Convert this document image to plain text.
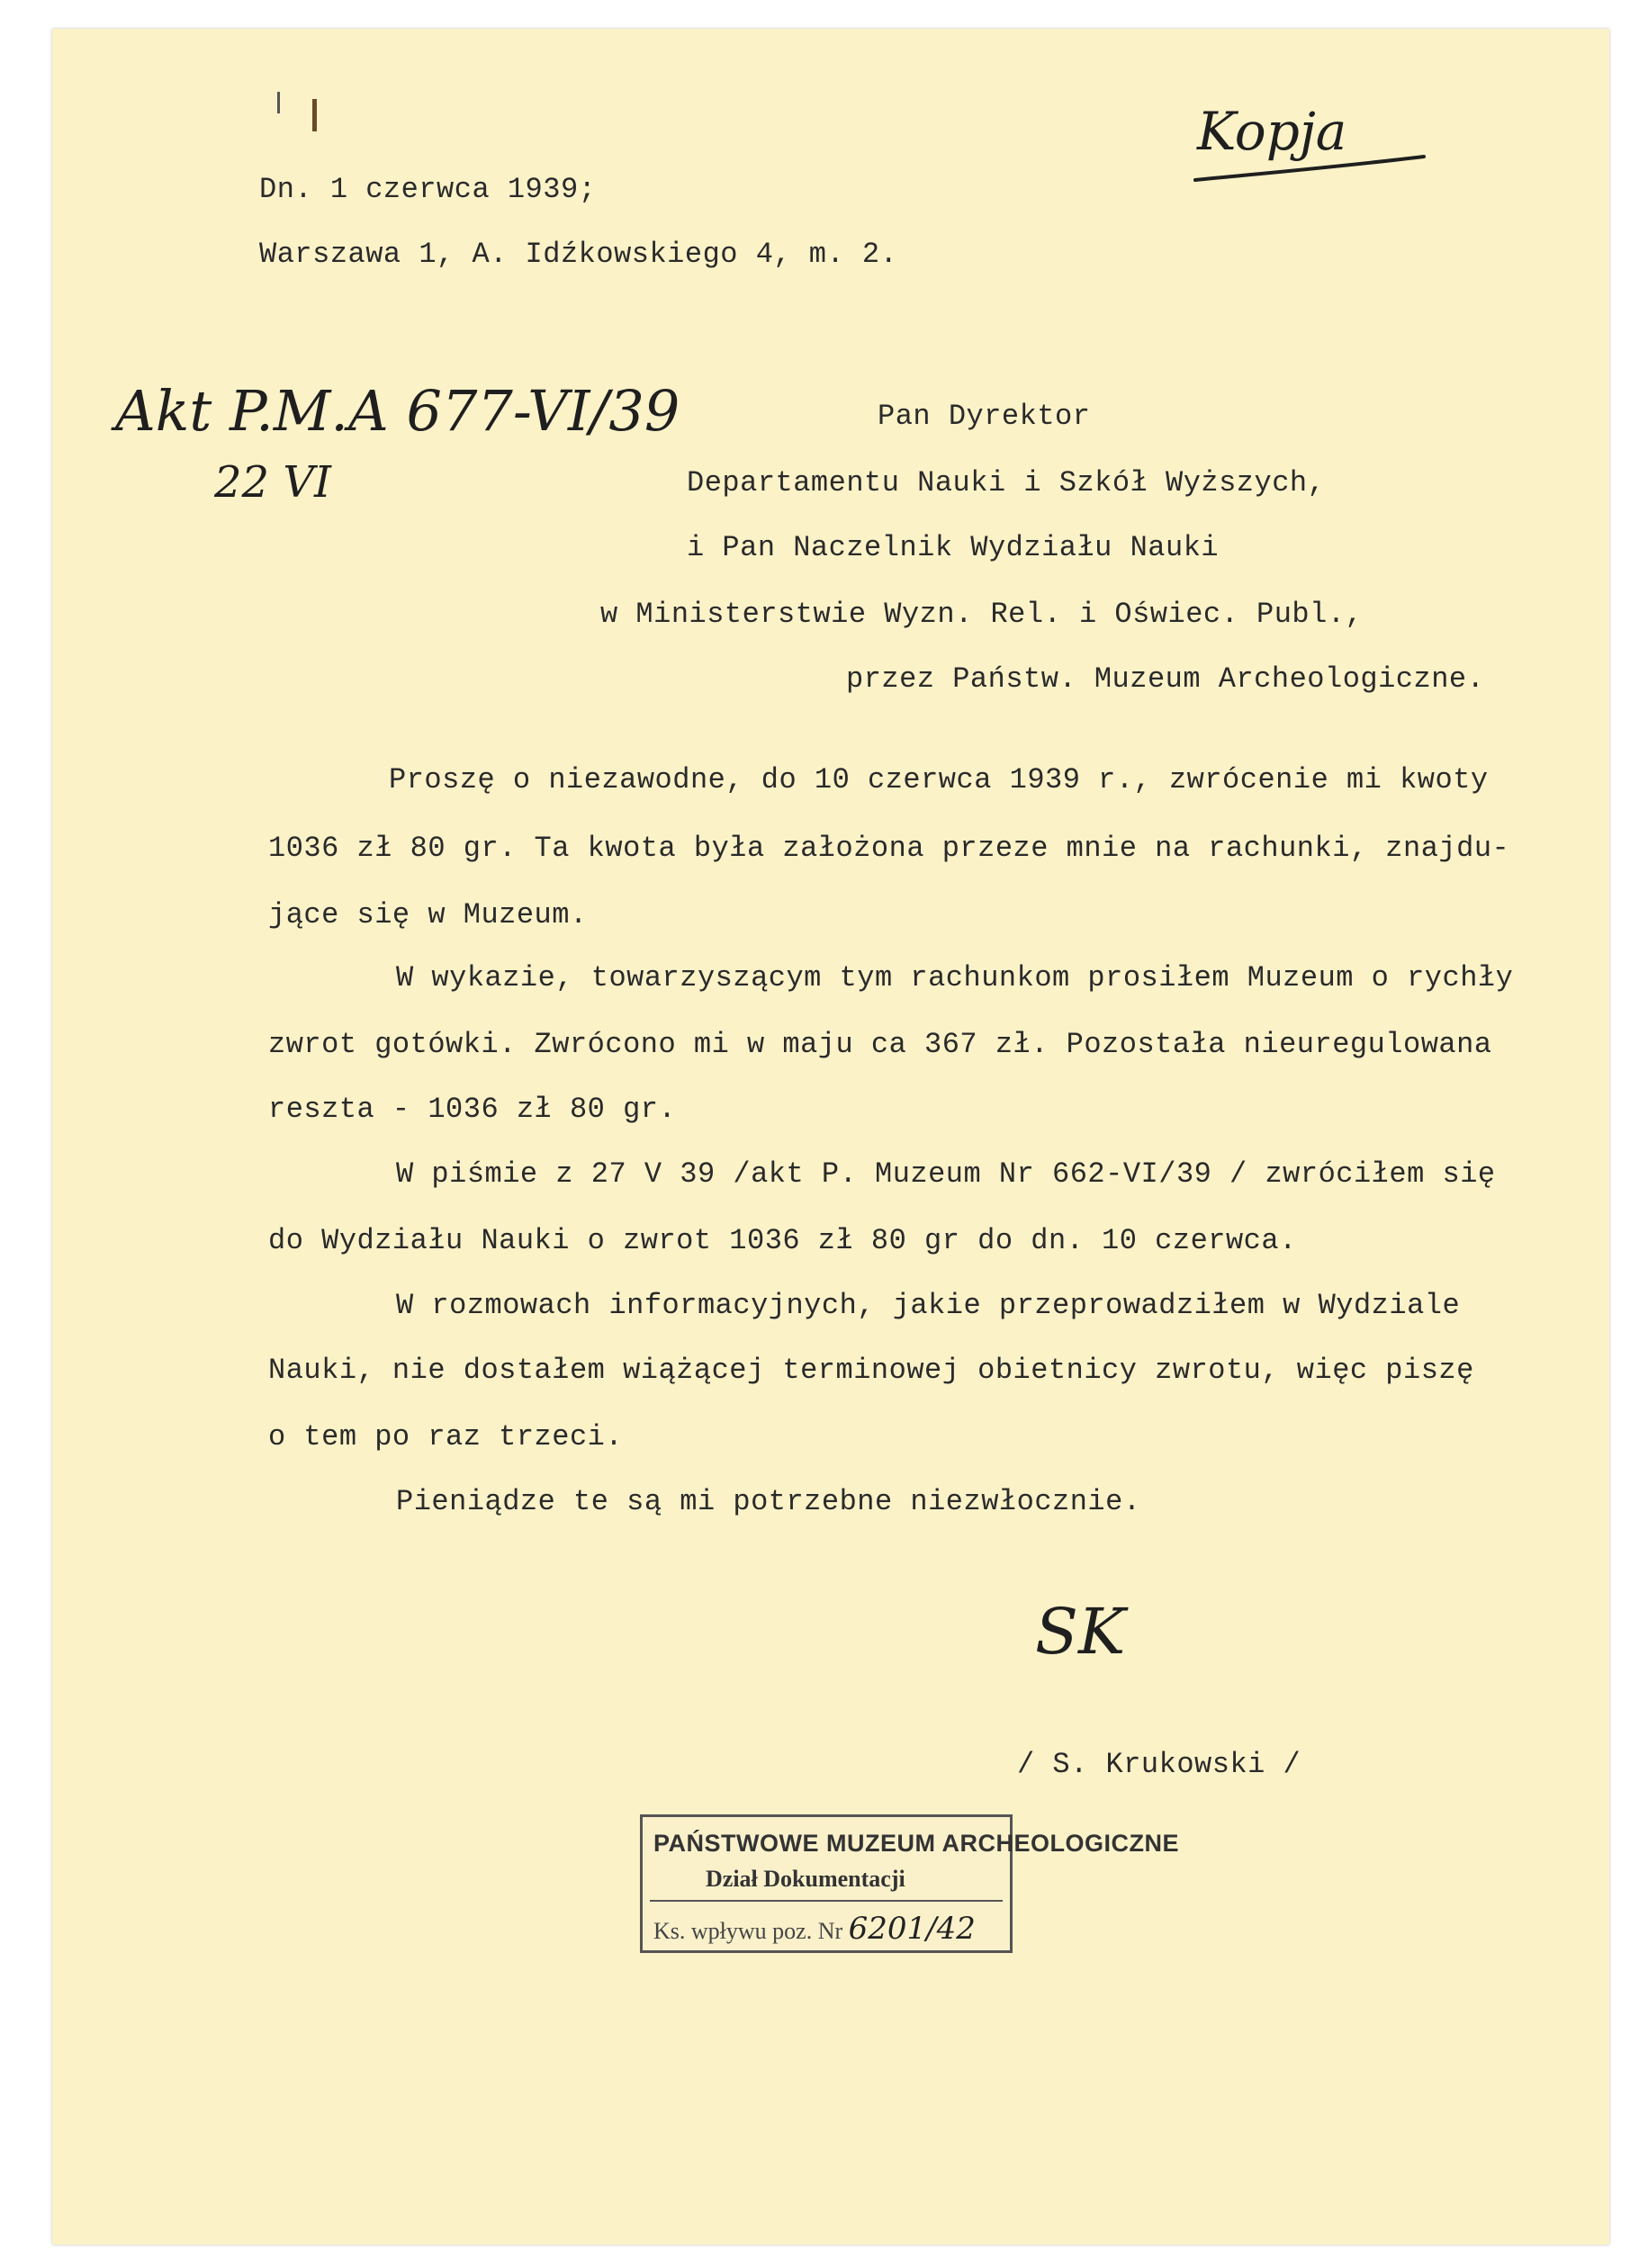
Kopja
Dn. 1 czerwca 1939;
Warszawa 1, A. Idźkowskiego 4, m. 2.
Akt P.M.A 677-VI/39
22 VI
Pan Dyrektor
Departamentu Nauki i Szkół Wyższych,
i Pan Naczelnik Wydziału Nauki
w Ministerstwie Wyzn. Rel. i Oświec. Publ.,
przez Państw. Muzeum Archeologiczne.
Proszę o niezawodne, do 10 czerwca 1939 r., zwrócenie mi kwoty
1036 zł 80 gr. Ta kwota była założona przeze mnie na rachunki, znajdu-
jące się w Muzeum.
W wykazie, towarzyszącym tym rachunkom prosiłem Muzeum o rychły
zwrot gotówki. Zwrócono mi w maju ca 367 zł. Pozostała nieuregulowana
reszta - 1036 zł 80 gr.
W piśmie z 27 V 39 /akt P. Muzeum Nr 662-VI/39 / zwróciłem się
do Wydziału Nauki o zwrot 1036 zł 80 gr do dn. 10 czerwca.
W rozmowach informacyjnych, jakie przeprowadziłem w Wydziale
Nauki, nie dostałem wiążącej terminowej obietnicy zwrotu, więc piszę
o tem po raz trzeci.
Pieniądze te są mi potrzebne niezwłocznie.
SK
/ S. Krukowski /
PAŃSTWOWE MUZEUM ARCHEOLOGICZNE
Dział Dokumentacji
Ks. wpływu poz. Nr 6201/42
